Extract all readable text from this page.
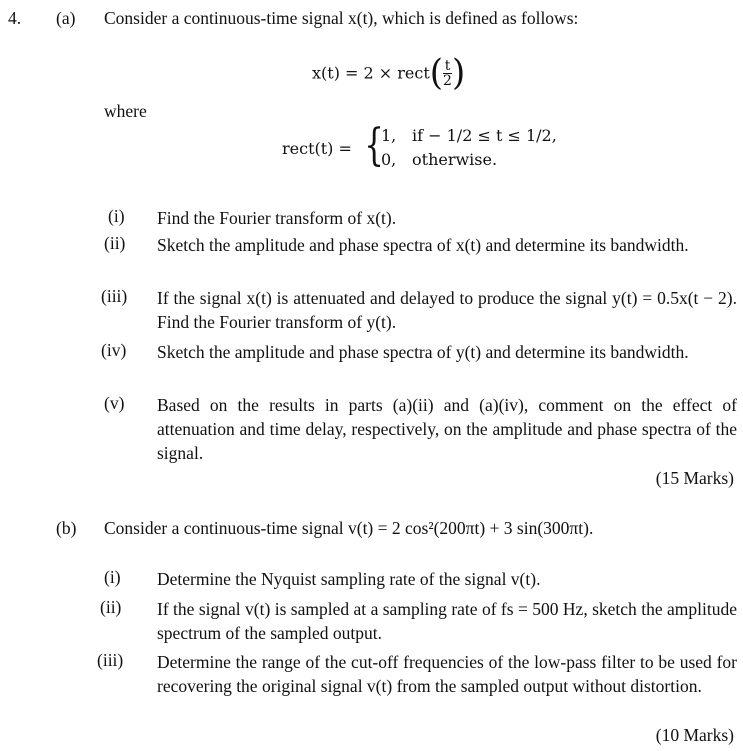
4. (a) Consider a continuous-time signal x(t), which is defined as follows:
x(t) = 2 × rect( $\frac{t}{2}$ )
where
rect(t) = {
1, if − 1/2 ≤ t ≤ 1/2,
0, otherwise.
(i) Find the Fourier transform of x(t).
(ii) Sketch the amplitude and phase spectra of x(t) and determine its bandwidth.
(iii) If the signal x(t) is attenuated and delayed to produce the signal y(t) = 0.5x(t − 2). Find the Fourier transform of y(t).
(iv) Sketch the amplitude and phase spectra of y(t) and determine its bandwidth.
(v) Based on the results in parts (a)(ii) and (a)(iv), comment on the effect of attenuation and time delay, respectively, on the amplitude and phase spectra of the signal.
(15 Marks)
(b) Consider a continuous-time signal v(t) = 2 cos²(200πt) + 3 sin(300πt).
(i) Determine the Nyquist sampling rate of the signal v(t).
(ii) If the signal v(t) is sampled at a sampling rate of fs = 500 Hz, sketch the amplitude spectrum of the sampled output.
(iii) Determine the range of the cut-off frequencies of the low-pass filter to be used for recovering the original signal v(t) from the sampled output without distortion.
(10 Marks)
